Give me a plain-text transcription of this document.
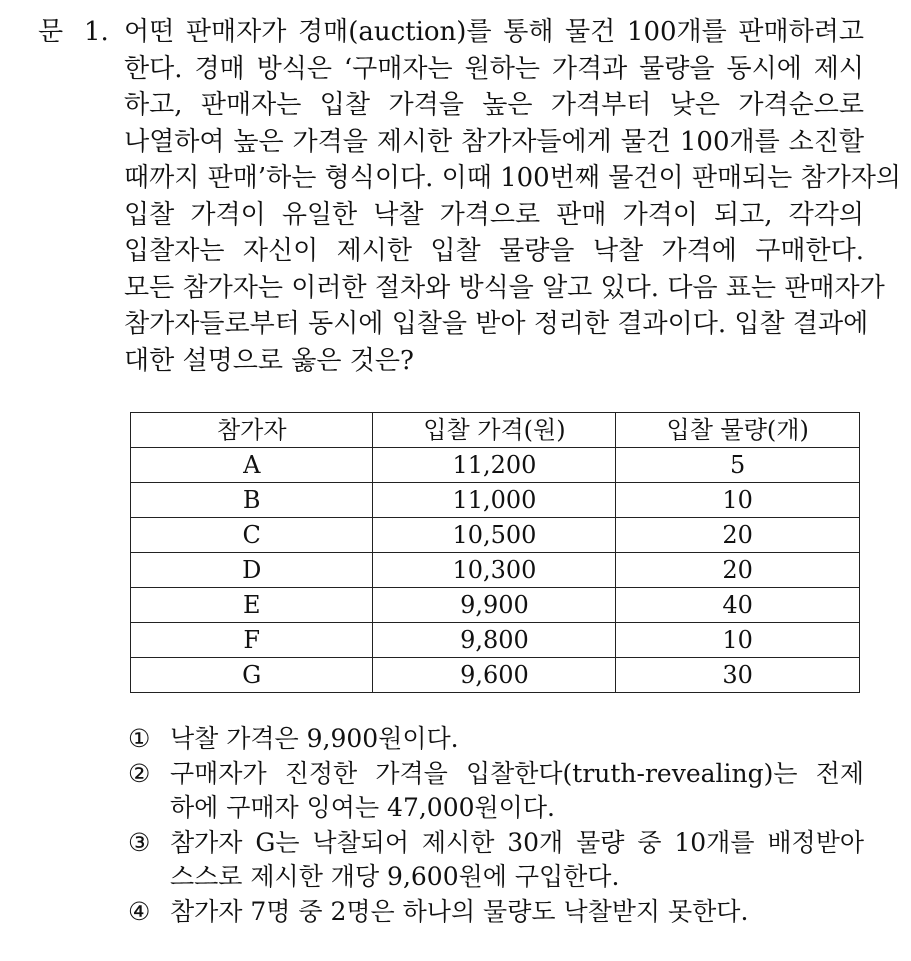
문 1. 어떤 판매자가 경매(auction)를 통해 물건 100개를 판매하려고
한다. 경매 방식은 ‘구매자는 원하는 가격과 물량을 동시에 제시
하고, 판매자는 입찰 가격을 높은 가격부터 낮은 가격순으로
나열하여 높은 가격을 제시한 참가자들에게 물건 100개를 소진할
때까지 판매’하는 형식이다. 이때 100번째 물건이 판매되는 참가자의
입찰 가격이 유일한 낙찰 가격으로 판매 가격이 되고, 각각의
입찰자는 자신이 제시한 입찰 물량을 낙찰 가격에 구매한다.
모든 참가자는 이러한 절차와 방식을 알고 있다. 다음 표는 판매자가
참가자들로부터 동시에 입찰을 받아 정리한 결과이다. 입찰 결과에
대한 설명으로 옳은 것은?
참가자	입찰 가격(원)	입찰 물량(개)
A	11,200	5
B	11,000	10
C	10,500	20
D	10,300	20
E	9,900	40
F	9,800	10
G	9,600	30
① 낙찰 가격은 9,900원이다.
② 구매자가 진정한 가격을 입찰한다(truth-revealing)는 전제
하에 구매자 잉여는 47,000원이다.
③ 참가자 G는 낙찰되어 제시한 30개 물량 중 10개를 배정받아
스스로 제시한 개당 9,600원에 구입한다.
④ 참가자 7명 중 2명은 하나의 물량도 낙찰받지 못한다.
